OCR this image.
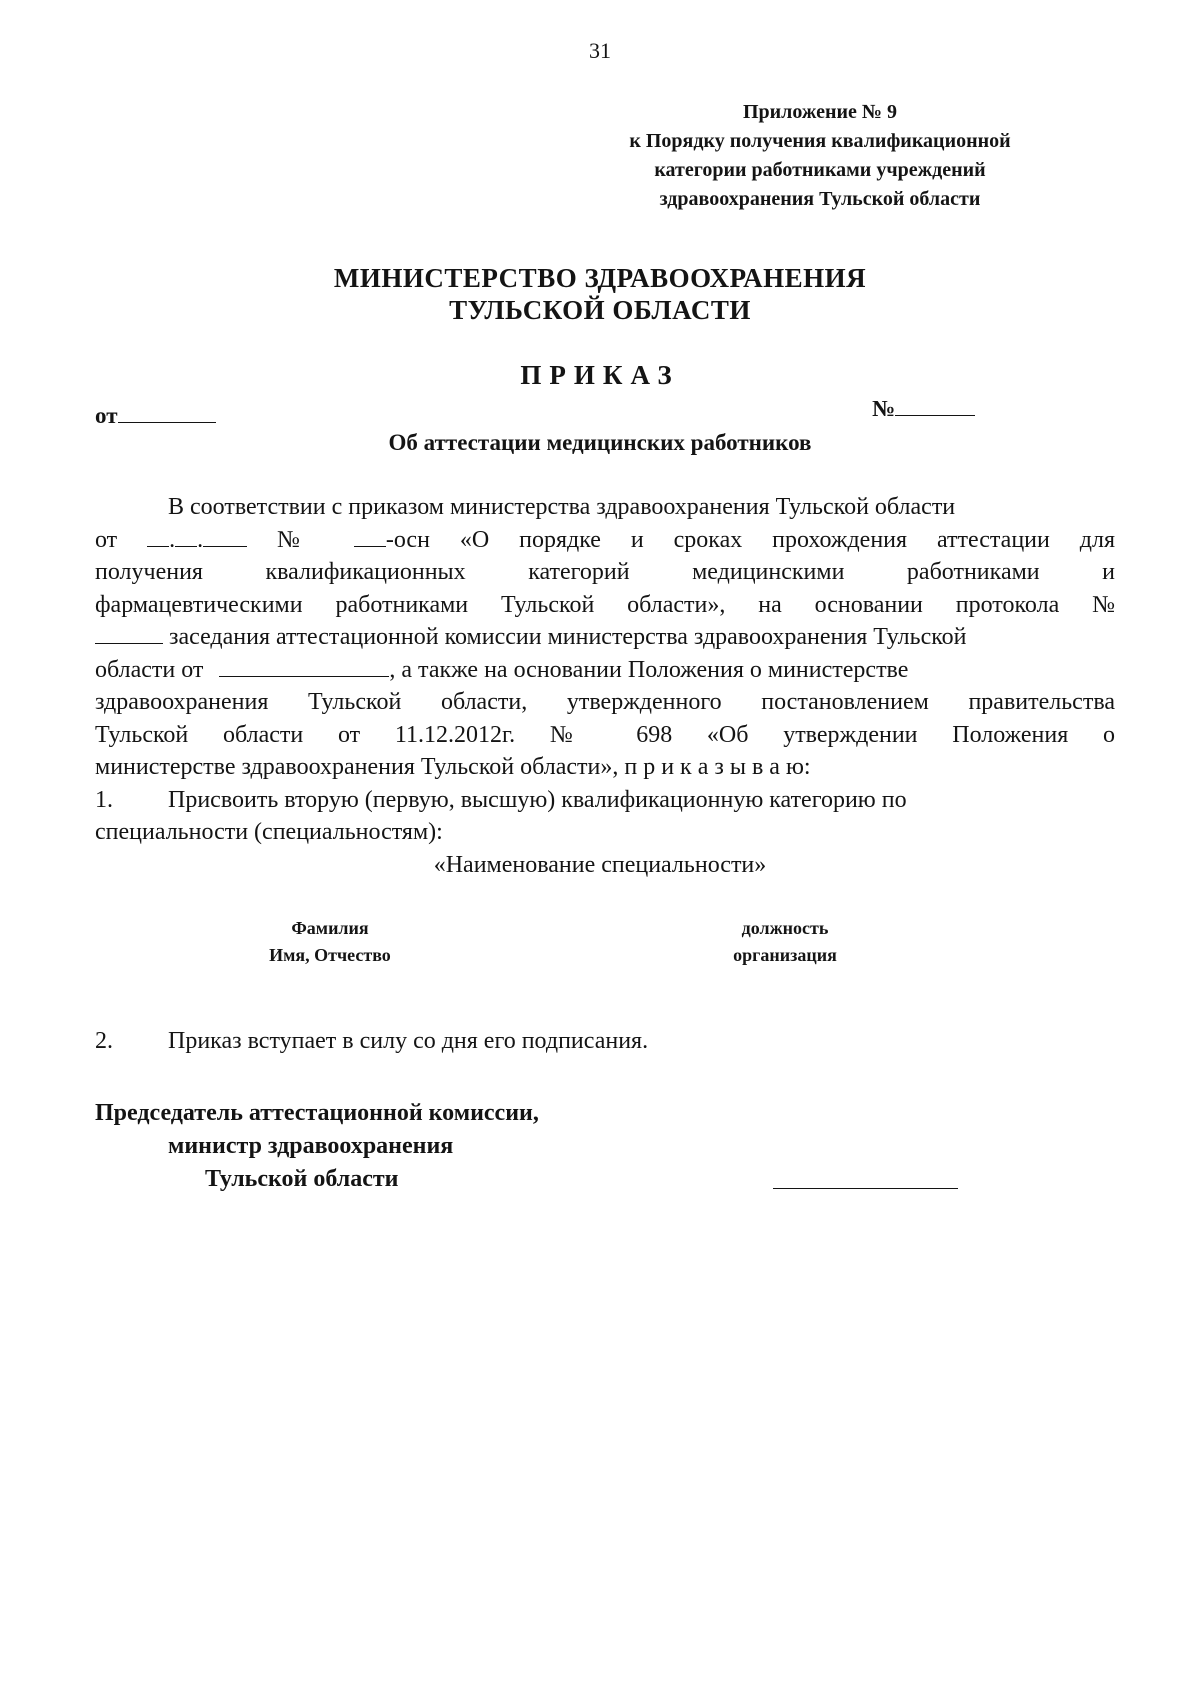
31
Приложение № 9
к Порядку получения квалификационной
категории работниками учреждений
здравоохранения Тульской области
МИНИСТЕРСТВО ЗДРАВООХРАНЕНИЯ
ТУЛЬСКОЙ ОБЛАСТИ
ПРИКАЗ
от	№
Об аттестации медицинских работников
В соответствии с приказом министерства здравоохранения Тульской области
от . .	№	-осн «О порядке и сроках прохождения аттестации для
получения квалификационных категорий медицинскими работниками и
фармацевтическими работниками Тульской области», на основании протокола №
заседания аттестационной комиссии министерства здравоохранения Тульской
области от	, а также на основании Положения о министерстве
здравоохранения Тульской области, утвержденного постановлением правительства
Тульской области от 11.12.2012г. № 698 «Об утверждении Положения о
министерстве здравоохранения Тульской области», п р и к а з ы в а ю:
1. Присвоить вторую (первую, высшую) квалификационную категорию по
специальности (специальностям):
«Наименование специальности»
Фамилия
Имя, Отчество
должность
организация
2. Приказ вступает в силу со дня его подписания.
Председатель аттестационной комиссии,
министр здравоохранения
Тульской области
